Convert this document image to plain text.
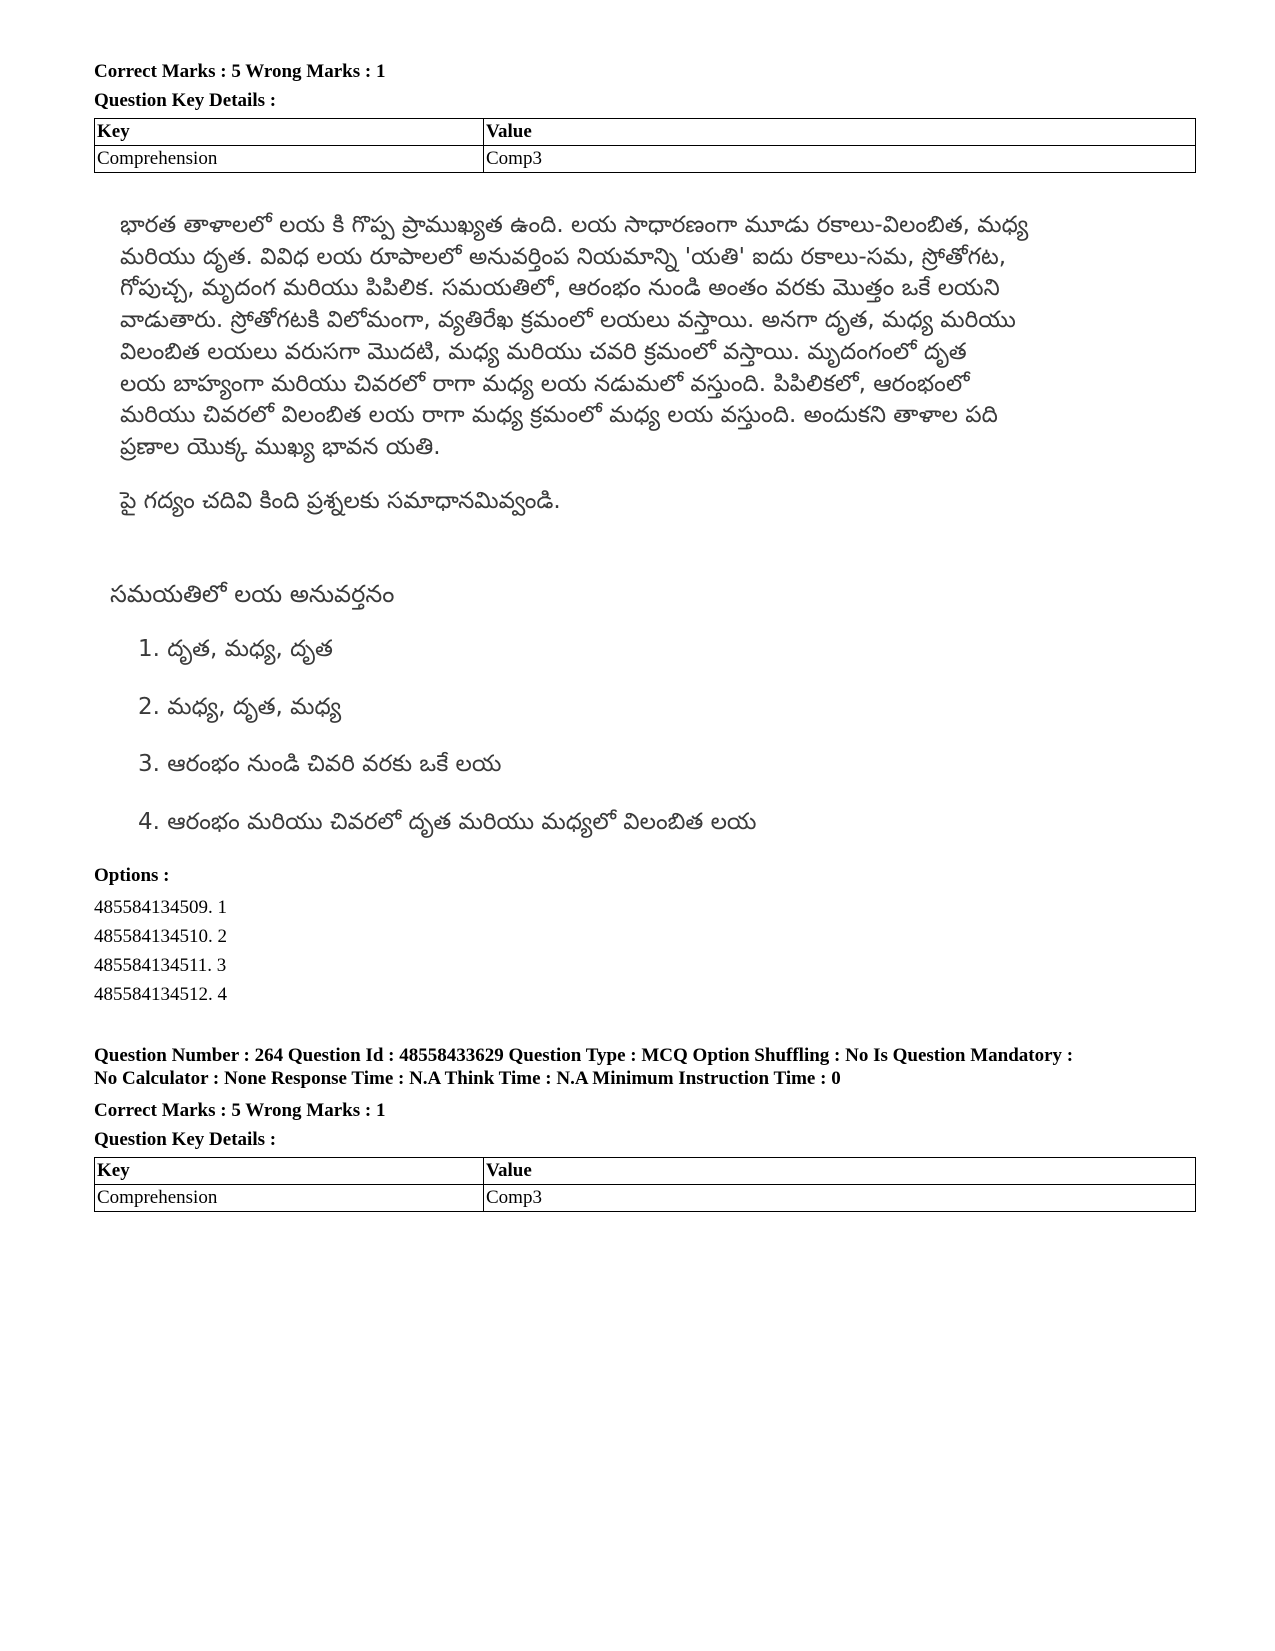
Correct Marks : 5 Wrong Marks : 1
Question Key Details :
Key	Value
Comprehension	Comp3
భారత తాళాలలో లయ కి గొప్ప ప్రాముఖ్యత ఉంది. లయ సాధారణంగా మూడు రకాలు-విలంబిత, మధ్య
మరియు దృత. వివిధ లయ రూపాలలో అనువర్తింప నియమాన్ని 'యతి' ఐదు రకాలు-సమ, స్రోతోగట,
గోపుచ్చ, మృదంగ మరియు పిపిలిక. సమయతిలో, ఆరంభం నుండి అంతం వరకు మొత్తం ఒకే లయని
వాడుతారు. స్రోతోగటకి విలోమంగా, వ్యతిరేఖ క్రమంలో లయలు వస్తాయి. అనగా దృత, మధ్య మరియు
విలంబిత లయలు వరుసగా మొదటి, మధ్య మరియు చవరి క్రమంలో వస్తాయి. మృదంగంలో దృత
లయ బాహ్యంగా మరియు చివరలో రాగా మధ్య లయ నడుమలో వస్తుంది. పిపిలికలో, ఆరంభంలో
మరియు చివరలో విలంబిత లయ రాగా మధ్య క్రమంలో మధ్య లయ వస్తుంది. అందుకని తాళాల పది
ప్రణాల యొక్క ముఖ్య భావన యతి.
పై గద్యం చదివి కింది ప్రశ్నలకు సమాధానమివ్వండి.
సమయతిలో లయ అనువర్తనం
1. దృత, మధ్య, దృత
2. మధ్య, దృత, మధ్య
3. ఆరంభం నుండి చివరి వరకు ఒకే లయ
4. ఆరంభం మరియు చివరలో దృత మరియు మధ్యలో విలంబిత లయ
Options :
485584134509. 1
485584134510. 2
485584134511. 3
485584134512. 4
Question Number : 264 Question Id : 48558433629 Question Type : MCQ Option Shuffling : No Is Question Mandatory :
No Calculator : None Response Time : N.A Think Time : N.A Minimum Instruction Time : 0
Correct Marks : 5 Wrong Marks : 1
Question Key Details :
Key	Value
Comprehension	Comp3
